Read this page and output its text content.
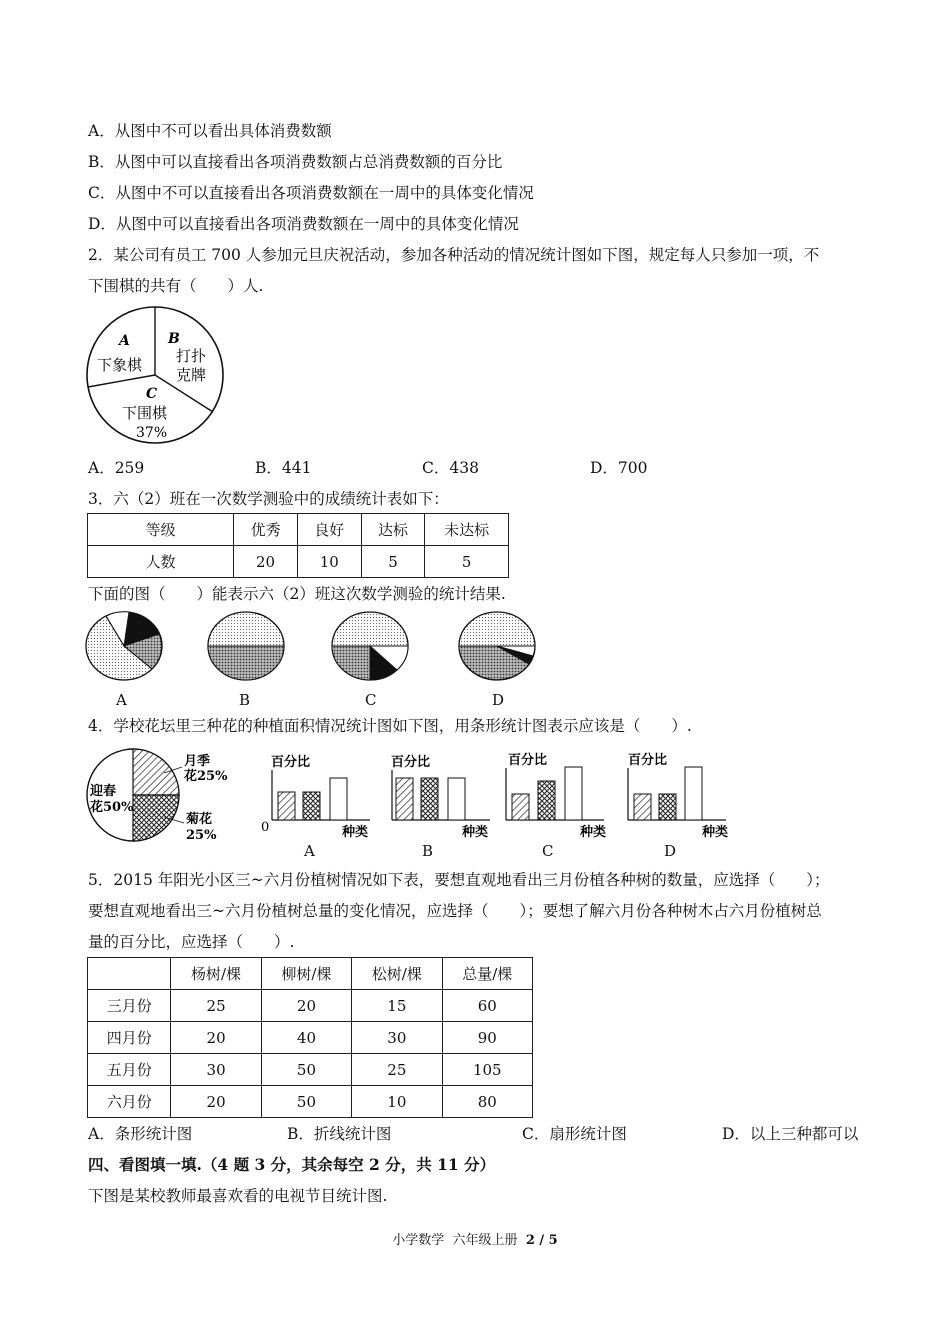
A．从图中不可以看出具体消费数额
B．从图中可以直接看出各项消费数额占总消费数额的百分比
C．从图中不可以直接看出各项消费数额在一周中的具体变化情况
D．从图中可以直接看出各项消费数额在一周中的具体变化情况
2．某公司有员工 700 人参加元旦庆祝活动，参加各种活动的情况统计图如下图，规定每人只参加一项，不
下围棋的共有（　　）人.
A
下象棋
B
打扑
克牌
C
下围棋
37%
A．259	B．441	C．438	D．700
3．六（2）班在一次数学测验中的成绩统计表如下：
等级	优秀	良好	达标	未达标
人数	20	10	5	5
下面的图（　　）能表示六（2）班这次数学测验的统计结果.
A	B	C	D
4．学校花坛里三种花的种植面积情况统计图如下图，用条形统计图表示应该是（　　）.
月季
花25%
迎春
花50%
菊花
25%
百分比
0	种类
百分比
种类
百分比
种类
百分比
种类
A	B	C	D
5．2015 年阳光小区三~六月份植树情况如下表，要想直观地看出三月份植各种树的数量，应选择（　　）；
要想直观地看出三~六月份植树总量的变化情况，应选择（　　）；要想了解六月份各种树木占六月份植树总
量的百分比，应选择（　　）.
	杨树/棵	柳树/棵	松树/棵	总量/棵
三月份	25	20	15	60
四月份	20	40	30	90
五月份	30	50	25	105
六月份	20	50	10	80
A．条形统计图	B．折线统计图	C．扇形统计图	D．以上三种都可以
四、看图填一填.（4 题 3 分，其余每空 2 分，共 11 分）
下图是某校教师最喜欢看的电视节目统计图.
小学数学  六年级上册  2 / 5
